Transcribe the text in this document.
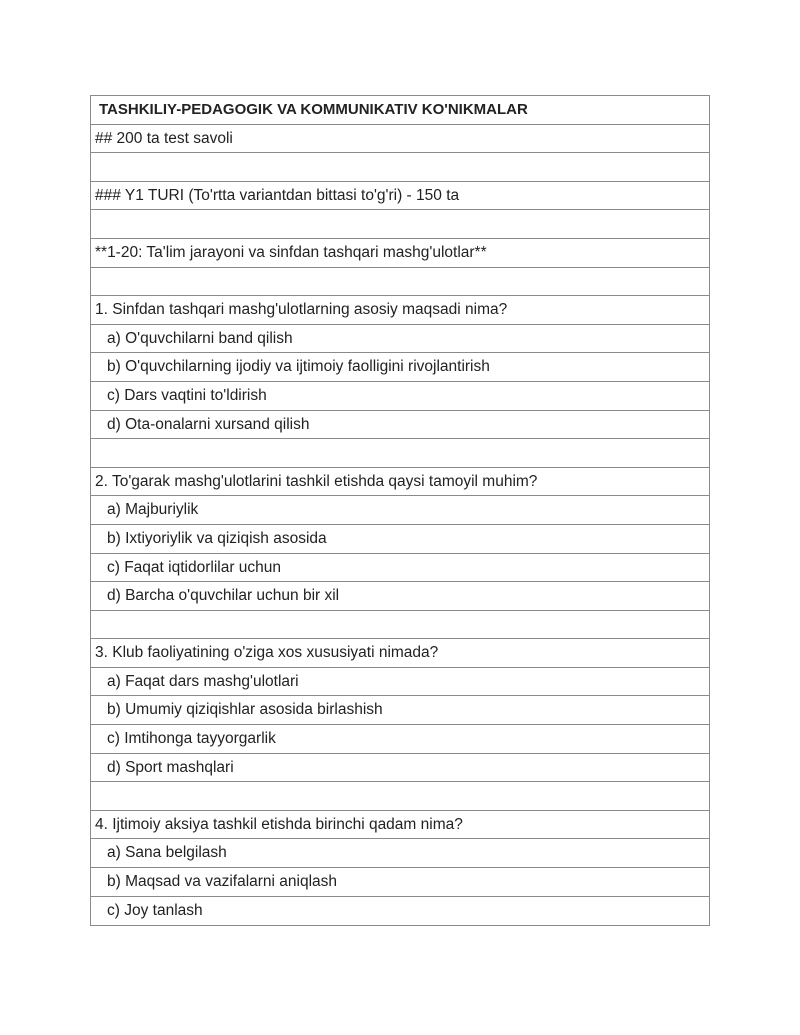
TASHKILIY-PEDAGOGIK VA KOMMUNIKATIV KO'NIKMALAR
## 200 ta test savoli
### Y1 TURI (To'rtta variantdan bittasi to'g'ri) - 150 ta
**1-20: Ta'lim jarayoni va sinfdan tashqari mashg'ulotlar**
1. Sinfdan tashqari mashg'ulotlarning asosiy maqsadi nima?
a) O'quvchilarni band qilish
b) O'quvchilarning ijodiy va ijtimoiy faolligini rivojlantirish
c) Dars vaqtini to'ldirish
d) Ota-onalarni xursand qilish
2. To'garak mashg'ulotlarini tashkil etishda qaysi tamoyil muhim?
a) Majburiylik
b) Ixtiyoriylik va qiziqish asosida
c) Faqat iqtidorlilar uchun
d) Barcha o'quvchilar uchun bir xil
3. Klub faoliyatining o'ziga xos xususiyati nimada?
a) Faqat dars mashg'ulotlari
b) Umumiy qiziqishlar asosida birlashish
c) Imtihonga tayyorgarlik
d) Sport mashqlari
4. Ijtimoiy aksiya tashkil etishda birinchi qadam nima?
a) Sana belgilash
b) Maqsad va vazifalarni aniqlash
c) Joy tanlash
